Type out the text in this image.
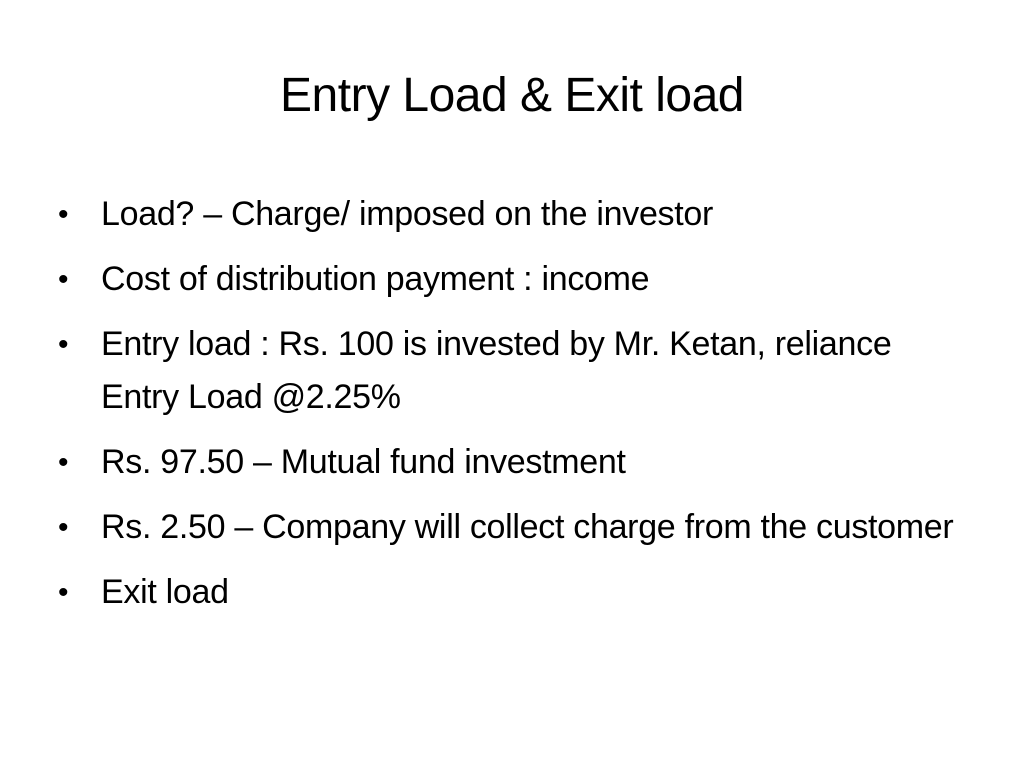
Entry Load & Exit load
• Load? – Charge/ imposed on the investor
• Cost of distribution payment : income
• Entry load : Rs. 100 is invested by Mr. Ketan, reliance Entry Load @2.25%
• Rs. 97.50 – Mutual fund investment
• Rs. 2.50 – Company will collect charge from the customer
• Exit load
